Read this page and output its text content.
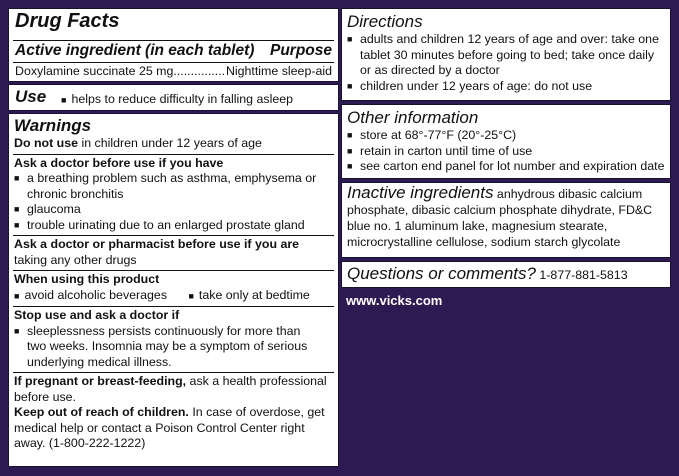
Drug Facts
Active ingredient (in each tablet) Purpose
Doxylamine succinate 25 mg............... Nighttime sleep-aid
Use ■ helps to reduce difficulty in falling asleep
Warnings
Do not use in children under 12 years of age
Ask a doctor before use if you have
■ a breathing problem such as asthma, emphysema or chronic bronchitis
■ glaucoma
■ trouble urinating due to an enlarged prostate gland
Ask a doctor or pharmacist before use if you are
taking any other drugs
When using this product
■ avoid alcoholic beverages ■ take only at bedtime
Stop use and ask a doctor if
■ sleeplessness persists continuously for more than two weeks. Insomnia may be a symptom of serious underlying medical illness.
If pregnant or breast-feeding, ask a health professional before use.
Keep out of reach of children. In case of overdose, get medical help or contact a Poison Control Center right away. (1-800-222-1222)
Directions
■ adults and children 12 years of age and over: take one tablet 30 minutes before going to bed; take once daily or as directed by a doctor
■ children under 12 years of age: do not use
Other information
■ store at 68°-77°F (20°-25°C)
■ retain in carton until time of use
■ see carton end panel for lot number and expiration date
Inactive ingredients anhydrous dibasic calcium phosphate, dibasic calcium phosphate dihydrate, FD&C blue no. 1 aluminum lake, magnesium stearate, microcrystalline cellulose, sodium starch glycolate
Questions or comments? 1-877-881-5813
www.vicks.com
